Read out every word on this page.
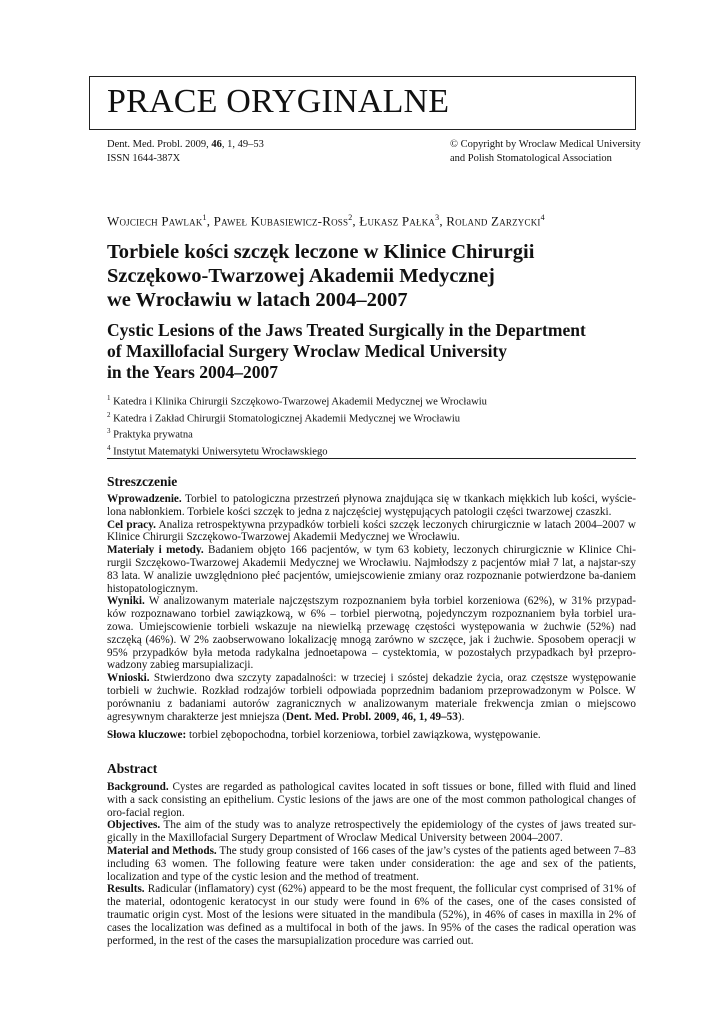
PRACE ORYGINALNE
Dent. Med. Probl. 2009, 46, 1, 49–53
ISSN 1644-387X
© Copyright by Wroclaw Medical University
and Polish Stomatological Association
Wojciech Pawlak$^1$, Paweł Kubasiewicz-Ross$^2$, Łukasz Pałka$^3$, Roland Zarzycki$^4$
Torbiele kości szczęk leczone w Klinice Chirurgii
Szczękowo-Twarzowej Akademii Medycznej
we Wrocławiu w latach 2004–2007
Cystic Lesions of the Jaws Treated Surgically in the Department
of Maxillofacial Surgery Wroclaw Medical University
in the Years 2004–2007
$^1$ Katedra i Klinika Chirurgii Szczękowo-Twarzowej Akademii Medycznej we Wrocławiu
$^2$ Katedra i Zakład Chirurgii Stomatologicznej Akademii Medycznej we Wrocławiu
$^3$ Praktyka prywatna
$^4$ Instytut Matematyki Uniwersytetu Wrocławskiego
Streszczenie

Wprowadzenie. Torbiel to patologiczna przestrzeń płynowa znajdująca się w tkankach miękkich lub kości, wyście-lona nabłonkiem. Torbiele kości szczęk to jedna z najczęściej występujących patologii części twarzowej czaszki.

Cel pracy. Analiza retrospektywna przypadków torbieli kości szczęk leczonych chirurgicznie w latach 2004–2007 w Klinice Chirurgii Szczękowo-Twarzowej Akademii Medycznej we Wrocławiu.

Materiały i metody. Badaniem objęto 166 pacjentów, w tym 63 kobiety, leczonych chirurgicznie w Klinice Chi-rurgii Szczękowo-Twarzowej Akademii Medycznej we Wrocławiu. Najmłodszy z pacjentów miał 7 lat, a najstar-szy 83 lata. W analizie uwzględniono płeć pacjentów, umiejscowienie zmiany oraz rozpoznanie potwierdzone ba-daniem histopatologicznym.

Wyniki. W analizowanym materiale najczęstszym rozpoznaniem była torbiel korzeniowa (62%), w 31% przypad-ków rozpoznawano torbiel zawiązkową, w 6% – torbiel pierwotną, pojedynczym rozpoznaniem była torbiel ura-zowa. Umiejscowienie torbieli wskazuje na niewielką przewagę częstości występowania w żuchwie (52%) nad szczęką (46%). W 2% zaobserwowano lokalizację mnogą zarówno w szczęce, jak i żuchwie. Sposobem operacji w 95% przypadków była metoda radykalna jednoetapowa – cystektomia, w pozostałych przypadkach był przepro-wadzony zabieg marsupializacji.

Wnioski. Stwierdzono dwa szczyty zapadalności: w trzeciej i szóstej dekadzie życia, oraz częstsze występowanie torbieli w żuchwie. Rozkład rodzajów torbieli odpowiada poprzednim badaniom przeprowadzonym w Polsce. W porównaniu z badaniami autorów zagranicznych w analizowanym materiale frekwencja zmian o miejscowo agresywnym charakterze jest mniejsza (Dent. Med. Probl. 2009, 46, 1, 49–53).

Słowa kluczowe: torbiel zębopochodna, torbiel korzeniowa, torbiel zawiązkowa, występowanie.

Abstract

Background. Cystes are regarded as pathological cavites located in soft tissues or bone, filled with fluid and lined with a sack consisting an epithelium. Cystic lesions of the jaws are one of the most common pathological changes of oro-facial region.

Objectives. The aim of the study was to analyze retrospectively the epidemiology of the cystes of jaws treated sur-gically in the Maxillofacial Surgery Department of Wroclaw Medical University between 2004–2007.

Material and Methods. The study group consisted of 166 cases of the jaw’s cystes of the patients aged between 7–83 including 63 women. The following feature were taken under consideration: the age and sex of the patients, localization and type of the cystic lesion and the method of treatment.

Results. Radicular (inflamatory) cyst (62%) appeard to be the most frequent, the follicular cyst comprised of 31% of the material, odontogenic keratocyst in our study were found in 6% of the cases, one of the cases consisted of traumatic origin cyst. Most of the lesions were situated in the mandibula (52%), in 46% of cases in maxilla in 2% of cases the localization was defined as a multifocal in both of the jaws. In 95% of the cases the radical operation was performed, in the rest of the cases the marsupialization procedure was carried out.
